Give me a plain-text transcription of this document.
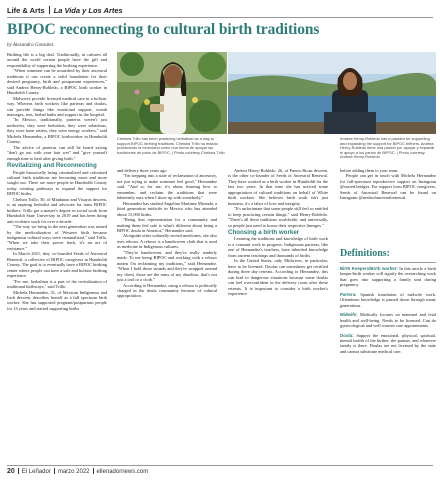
Life & Arts La Vida y Los Artes
BIPOC reconnecting to cultural birth traditions
by Alexandra Gonzalez

Birthing life is a big deal. Traditionally, in cultures all around the world certain people have the gift and responsibility of supporting the birthing experience.

"When someone can be nourished by their ancestral traditions it can create a solid foundation for their desired pregnancy, birth and postpartum experiences," said Andrea Henry-Robledo, a BIPOC birth worker in Humboldt County.

Midwives provide licensed medical care in a holistic way. Whereas birth workers like parteras and doulas, can provide things like emotional support, womb massages, teas, herbal baths and support in the hospital.

"In Mexico, traditionally, parteras weren't just midwives, they were herbalists, they were sobadoras, they were bone setters, they were energy workers," said Michela Hernandez, a BIPOC birthworker in Humboldt County.

The advice of parteras can still be heard saying "don't go out with your hair wet" and "give yourself enough time to heal after giving birth."

Revitalizing and Reconnecting

People historically being criminalized and colonized cultural birth traditions are becoming more and more sought out. There are more people in Humboldt County today creating pathways to expand the support for BIPOC births.

Chelsea Trillo, 30, of Mindanao and Visayas descent, is an aspiring herbalist and advocate for trans BIPOC birthers. Trillo got a master's degree in social work from Humboldt State University in 2019 and has been doing anti-violence work for over a decade.

"The way we bring in the next generation was ruined by the medicalization of Western birth because indigenous cultural ways were criminalized," said Trillo. "When we take their power back, it's an act of resistance."

In March 2021, they co-founded Seeds of Ancestral Renewal, a collective of BIPOC caregivers in Humboldt County. The goal is to eventually have a BIPOC birthing center where people can have a safe and holistic birthing experience.

"For me, herbalism is a part of the revitalization of traditional birthways," said Trillo.

Michela Hernandez, 31, of Mexican Indigenous and Irish descent, describes herself as a full spectrum birth worker. She has supported pregnant/postpartum people for 13 years and started supporting births

Chelsea Trillo has been practicing herbalism as a way to support BIPOC birthing traditions. Chelsea Trillo ha estado practicando la herbolaria como una forma de apoyar las tradiciones de parto de BIPOC. | Photo courtesy Chelsea Trillo
Andrea Henry-Robledo has a passion for supporting and expanding the support for BIPOC birthers. Andrea Henry-Robledo tiene una pasión por apoyar y expandir el apoyo a los partos de BIPOC. | Photo courtesy Andrea Henry-Robledo

and delivery three years ago.

"I'm stepping into a state of reclamation of ancestory, not just trying to make someone feel good," Hernandez said. "And so for me, it's about learning how to remember, and reclaim the traditions that were inherently ours when I show up with somebody."

Hernandez has studied Angelina Martinez Miranda, a third generation midwife in Mexico who has attended about 15,000 births.

"Being that representation for a community and making them feel safe is what's different about being a BIPOC doula in America," Hernandez said.

Alongside other culturally-rooted medicines, she also uses rebozo. A rebozo is a handwoven cloth that is used as medicine in Indigenous cultures.

"They're handwoven, and they're really tenderly made. To me being BIPOC and working with a rebozo means I'm reclaiming my traditions," said Hernandez. "When I hold those strands and they're wrapped around my client, those are the arms of my abuelitas, that's not just a tool or a cloth."

According to Hernandez, using a rebozo is politically charged in the doula community because of cultural appropriation.

Andrea Henry-Robledo, 26, of Puerto Rican descent, is the other co-founder of Seeds of Ancestral Renewal. They have worked as a birth worker in Humboldt for the last two years. In that time she has noticed some appropriation of cultural traditions on behalf of White birth workers. She believes birth work isn't just business, it's a labor of love and integrity.

"It's unfortunate that some people still feel so entitled to keep practicing certain things," said Henry-Robledo. "There's all these traditions worldwide, and universally, so people just need to honor their respective lineages."

Choosing a birth worker

Learning the traditions and knowledge of birth work is a constant work in progress. Indigenous parteras, like one of Hernandez's teachers, have inherited knowledge from ancient teachings and thousands of births.

In the United States, only Midwives, in particular, have to be licensed. Doulas can sometimes get certified during three day retreats. According to Hernandez, this can lead to dangerous situations because some doulas can feel overconfident in the delivery room after these retreats. It is important to consider a birth worker's experience

before adding them to your team.

People can get in touch with Michela Hernandez for full-spectrum reproductive support on Instagram @sacred.bridges. For support from BIPOC caregivers, Seeds of Ancestral Renewal can be found on Instagram @seedsofancestralrenewal.

Definitions:

Birth Keepers/Birth worker: In this article a birth keeper/birth worker will signify the overarching work that goes into supporting a family unit during pregnancy.

Partera: Spanish translation of midwife work. Oftentimes knowledge is passed down through many generations.

Midwife: Medically focuses on maternal and fetal health and well-being. Needs to be licensed. Can do gynecological and well women care appointments.

Doula: Support the emotional, physical, spiritual, mental health of the birther, the partner, and whatever family is there. Doulas are not licensed by the state and cannot substitute medical care.

20 El Leñador marzo 2022 ellenadornews.com
